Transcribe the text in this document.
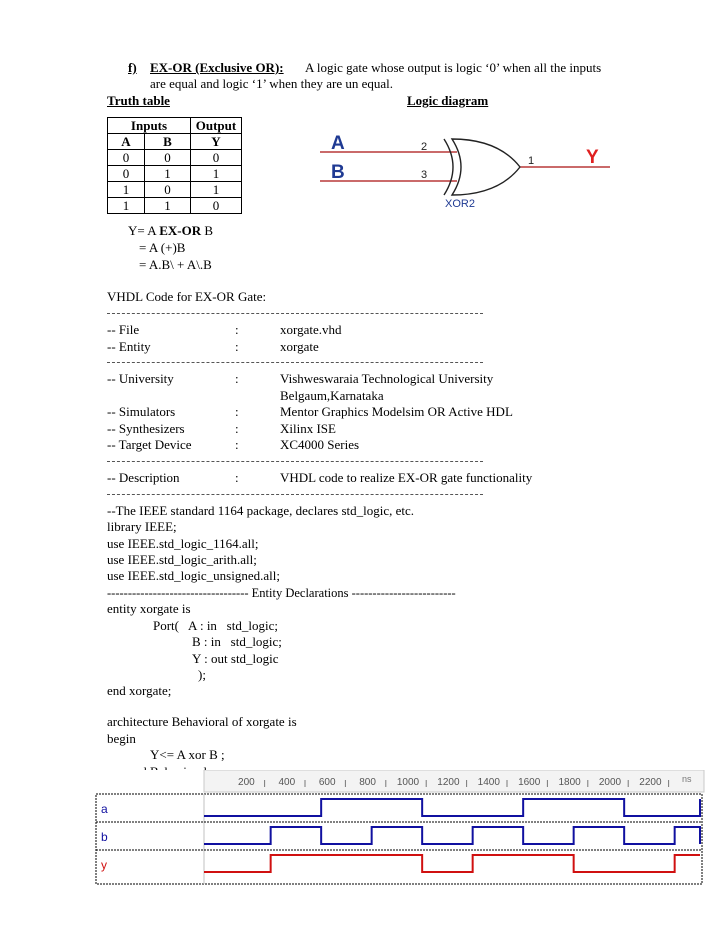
f) EX-OR (Exclusive OR): A logic gate whose output is logic ‘0’ when all the inputs
are equal and logic ‘1’ when they are un equal.
Truth table	Logic diagram
Inputs		Output
A	B	Y
0	0	0
0	1	1
1	0	1
1	1	0
A
B
Y
2
3
1
XOR2
Y= A EX-OR B
= A (+)B
= A.B\ + A\.B
VHDL Code for EX-OR Gate:
-- File	:	xorgate.vhd
-- Entity	:	xorgate
-- University	:	Vishweswaraia Technological University
Belgaum,Karnataka
-- Simulators	:	Mentor Graphics Modelsim OR Active HDL
-- Synthesizers	:	Xilinx ISE
-- Target Device	:	XC4000 Series
-- Description	:	VHDL code to realize EX-OR gate functionality
--The IEEE standard 1164 package, declares std_logic, etc.
library IEEE;
use IEEE.std_logic_1164.all;
use IEEE.std_logic_arith.all;
use IEEE.std_logic_unsigned.all;
---------------------------------- Entity Declarations -------------------------
entity xorgate is
Port(   A : in   std_logic;
B : in   std_logic;
Y : out std_logic
);
end xorgate;
architecture Behavioral of xorgate is
begin
Y<= A xor B ;
200 400 600 800 1000 1200 1400 1600 1800 2000 2200 ns
a
b
y
